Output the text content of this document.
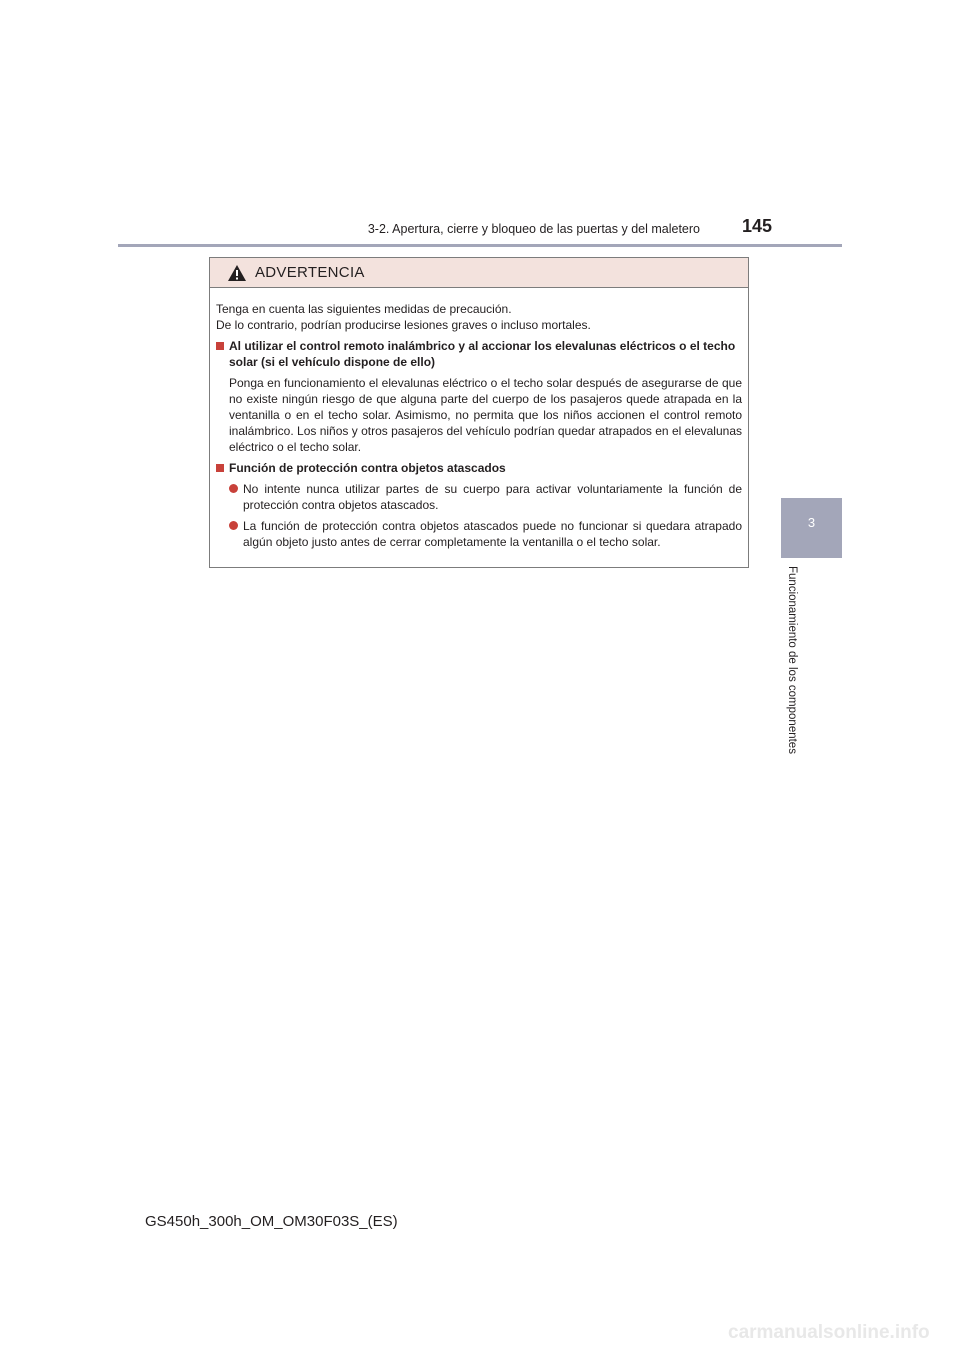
3-2. Apertura, cierre y bloqueo de las puertas y del maletero 145
3
Funcionamiento de los componentes
ADVERTENCIA

Tenga en cuenta las siguientes medidas de precaución.

De lo contrario, podrían producirse lesiones graves o incluso mortales.

Al utilizar el control remoto inalámbrico y al accionar los elevalunas eléctricos o el techo solar (si el vehículo dispone de ello)

Ponga en funcionamiento el elevalunas eléctrico o el techo solar después de asegurarse de que no existe ningún riesgo de que alguna parte del cuerpo de los pasajeros quede atrapada en la ventanilla o en el techo solar. Asimismo, no permita que los niños accionen el control remoto inalámbrico. Los niños y otros pasajeros del vehículo podrían quedar atrapados en el elevalunas eléctrico o el techo solar.

Función de protección contra objetos atascados
No intente nunca utilizar partes de su cuerpo para activar voluntariamente la función de protección contra objetos atascados.
La función de protección contra objetos atascados puede no funcionar si quedara atrapado algún objeto justo antes de cerrar completamente la ventanilla o el techo solar.
GS450h_300h_OM_OM30F03S_(ES)
carmanualsonline.info
